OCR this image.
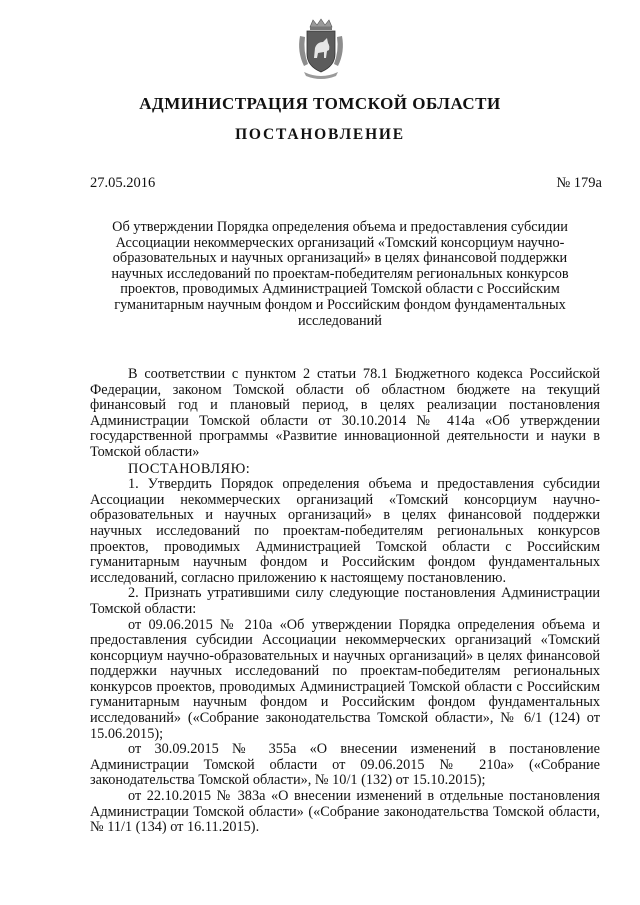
АДМИНИСТРАЦИЯ ТОМСКОЙ ОБЛАСТИ
ПОСТАНОВЛЕНИЕ
27.05.2016	№ 179а
Об утверждении Порядка определения объема и предоставления субсидии Ассоциации некоммерческих организаций «Томский консорциум научно-образовательных и научных организаций» в целях финансовой поддержки научных исследований по проектам-победителям региональных конкурсов проектов, проводимых Администрацией Томской области с Российским гуманитарным научным фондом и Российским фондом фундаментальных исследований

В соответствии с пунктом 2 статьи 78.1 Бюджетного кодекса Российской Федерации, законом Томской области об областном бюджете на текущий финансовый год и плановый период, в целях реализации постановления Администрации Томской области от 30.10.2014 № 414а «Об утверждении государственной программы «Развитие инновационной деятельности и науки в Томской области»

ПОСТАНОВЛЯЮ:

1. Утвердить Порядок определения объема и предоставления субсидии Ассоциации некоммерческих организаций «Томский консорциум научно-образовательных и научных организаций» в целях финансовой поддержки научных исследований по проектам-победителям региональных конкурсов проектов, проводимых Администрацией Томской области с Российским гуманитарным научным фондом и Российским фондом фундаментальных исследований, согласно приложению к настоящему постановлению.

2. Признать утратившими силу следующие постановления Администрации Томской области:

от 09.06.2015 № 210а «Об утверждении Порядка определения объема и предоставления субсидии Ассоциации некоммерческих организаций «Томский консорциум научно-образовательных и научных организаций» в целях финансовой поддержки научных исследований по проектам-победителям региональных конкурсов проектов, проводимых Администрацией Томской области с Российским гуманитарным научным фондом и Российским фондом фундаментальных исследований» («Собрание законодательства Томской области», № 6/1 (124) от 15.06.2015);

от 30.09.2015 № 355а «О внесении изменений в постановление Администрации Томской области от 09.06.2015 № 210а» («Собрание законодательства Томской области», № 10/1 (132) от 15.10.2015);

от 22.10.2015 № 383а «О внесении изменений в отдельные постановления Администрации Томской области» («Собрание законодательства Томской области, № 11/1 (134) от 16.11.2015).
